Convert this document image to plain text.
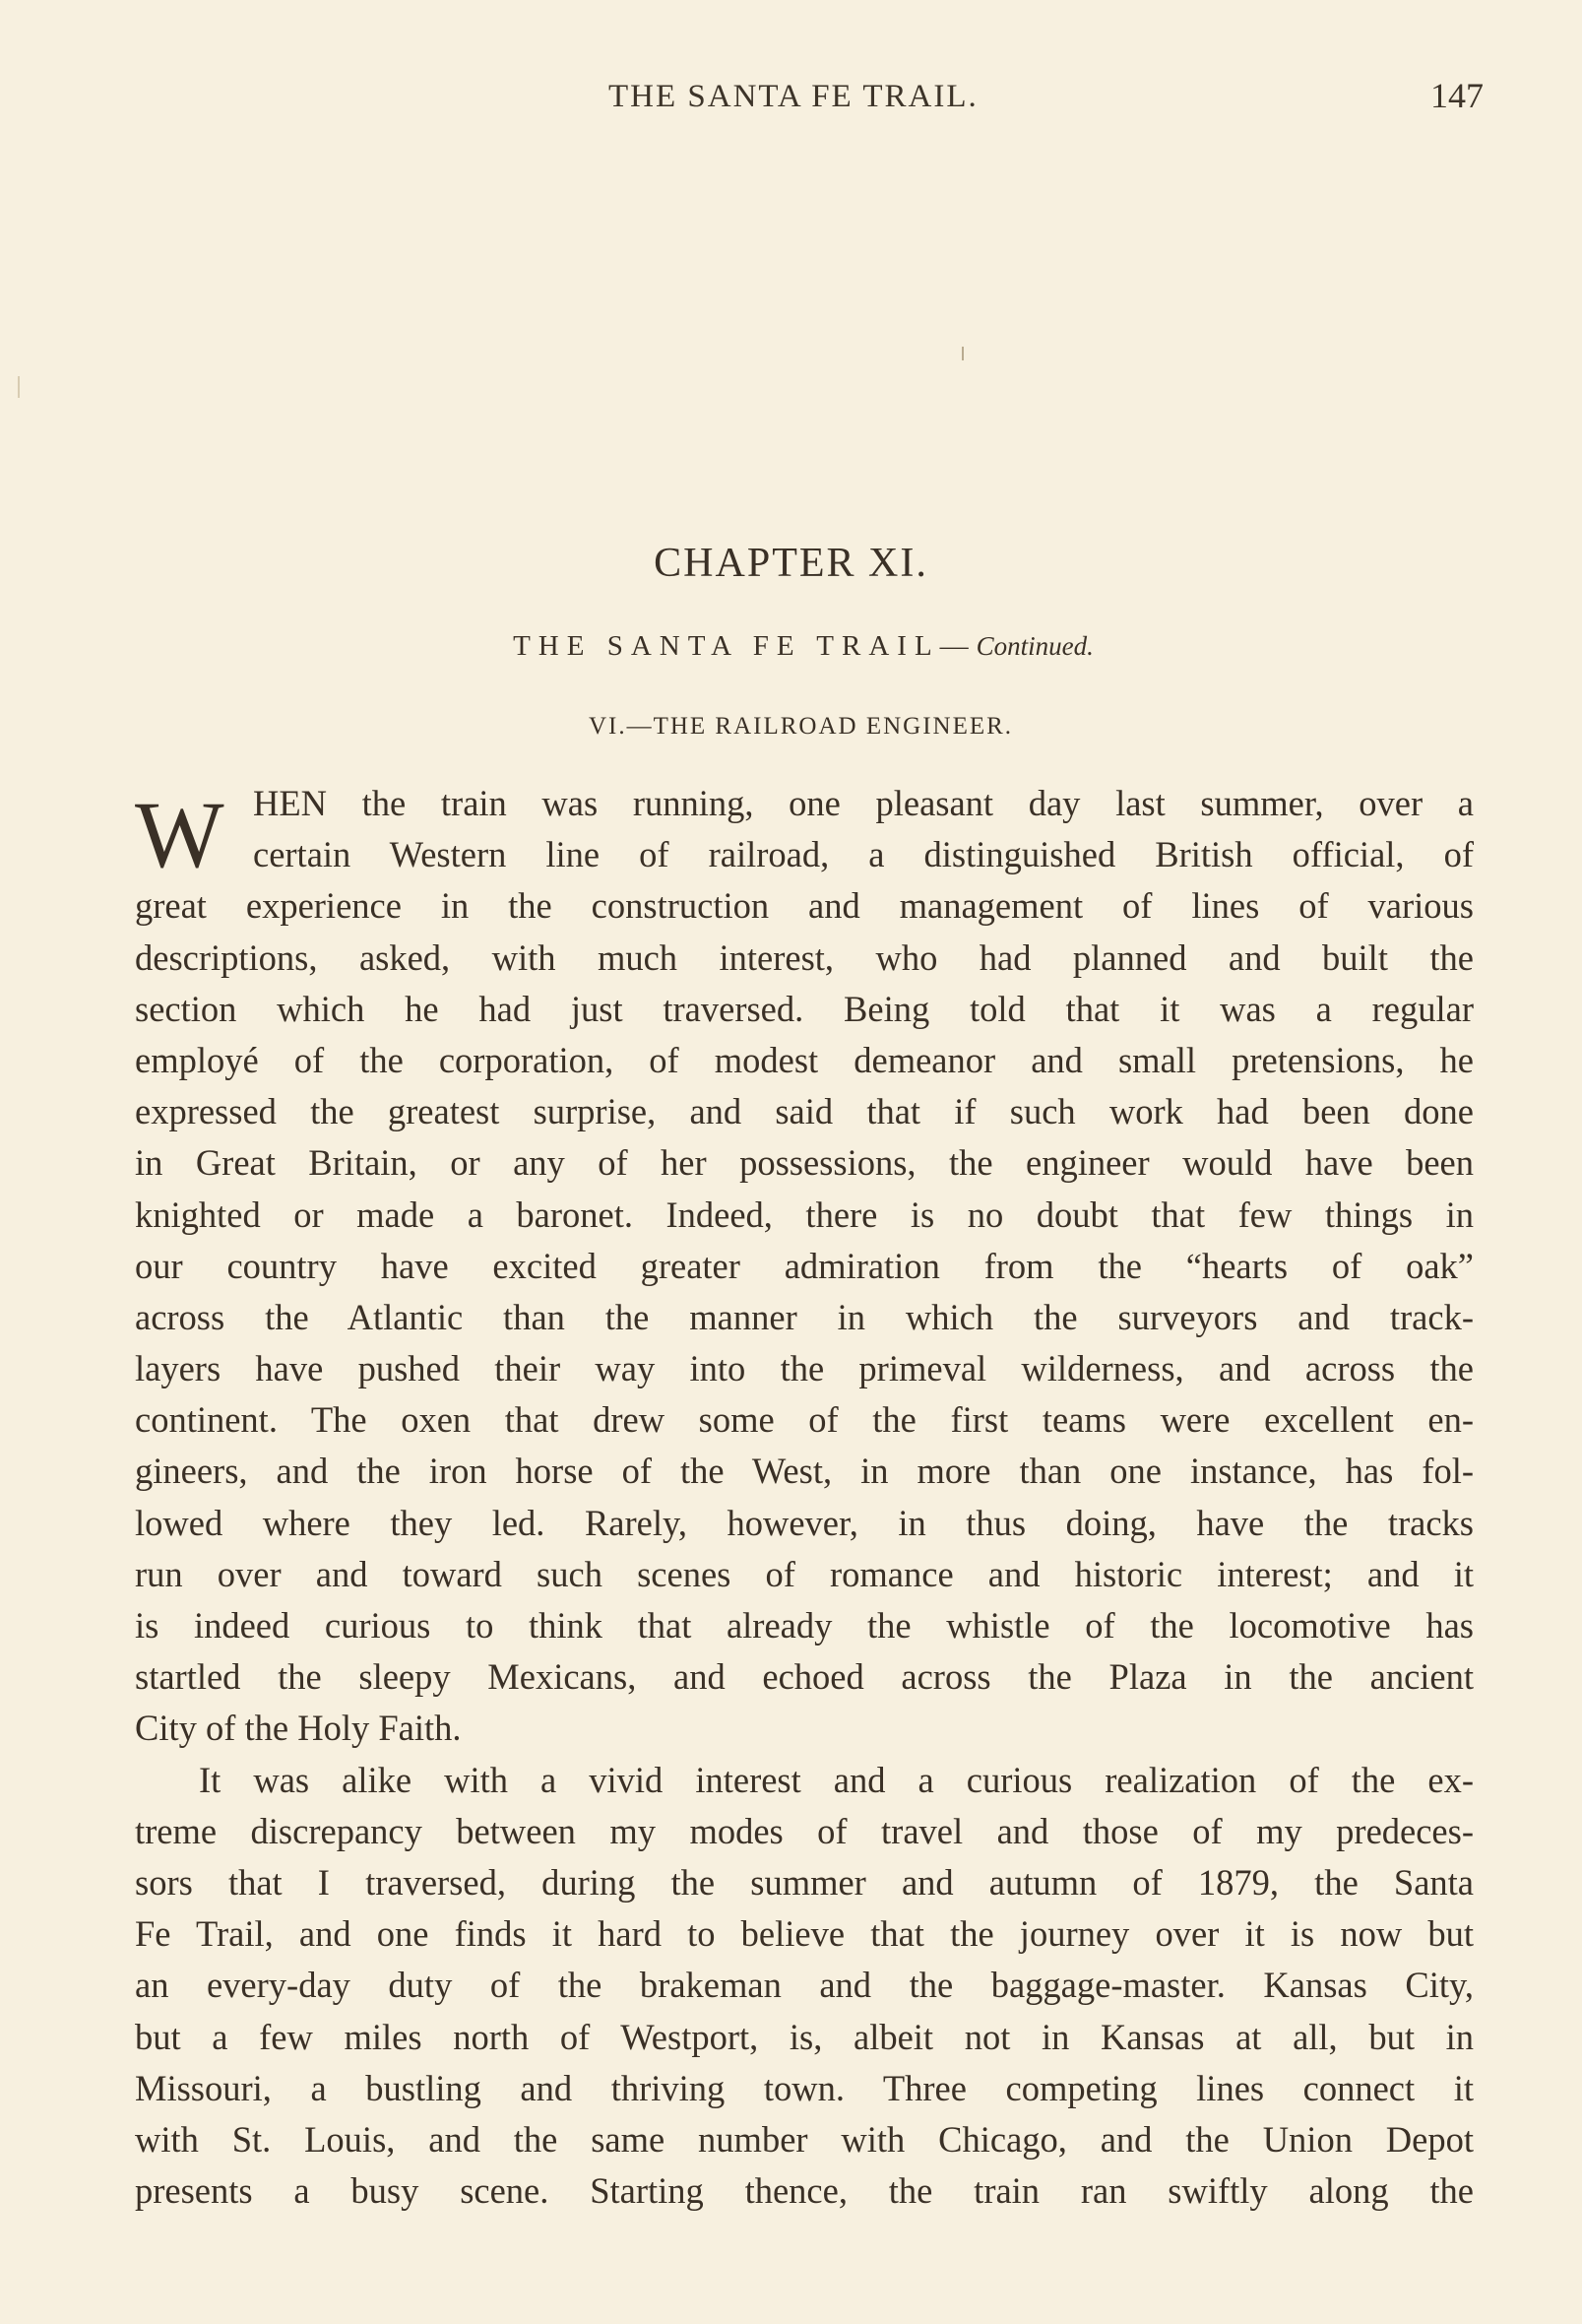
THE SANTA FE TRAIL.	147
CHAPTER XI.
THE SANTA FE TRAIL—Continued.
VI.—THE RAILROAD ENGINEER.
W HEN the train was running, one pleasant day last summer, over a
certain Western line of railroad, a distinguished British official, of
great experience in the construction and management of lines of various
descriptions, asked, with much interest, who had planned and built the
section which he had just traversed. Being told that it was a regular
employé of the corporation, of modest demeanor and small pretensions, he
expressed the greatest surprise, and said that if such work had been done
in Great Britain, or any of her possessions, the engineer would have been
knighted or made a baronet. Indeed, there is no doubt that few things in
our country have excited greater admiration from the “hearts of oak”
across the Atlantic than the manner in which the surveyors and track-
layers have pushed their way into the primeval wilderness, and across the
continent. The oxen that drew some of the first teams were excellent en-
gineers, and the iron horse of the West, in more than one instance, has fol-
lowed where they led. Rarely, however, in thus doing, have the tracks
run over and toward such scenes of romance and historic interest; and it
is indeed curious to think that already the whistle of the locomotive has
startled the sleepy Mexicans, and echoed across the Plaza in the ancient
City of the Holy Faith.
It was alike with a vivid interest and a curious realization of the ex-
treme discrepancy between my modes of travel and those of my predeces-
sors that I traversed, during the summer and autumn of 1879, the Santa
Fe Trail, and one finds it hard to believe that the journey over it is now but
an every-day duty of the brakeman and the baggage-master. Kansas City,
but a few miles north of Westport, is, albeit not in Kansas at all, but in
Missouri, a bustling and thriving town. Three competing lines connect it
with St. Louis, and the same number with Chicago, and the Union Depot
presents a busy scene. Starting thence, the train ran swiftly along the
